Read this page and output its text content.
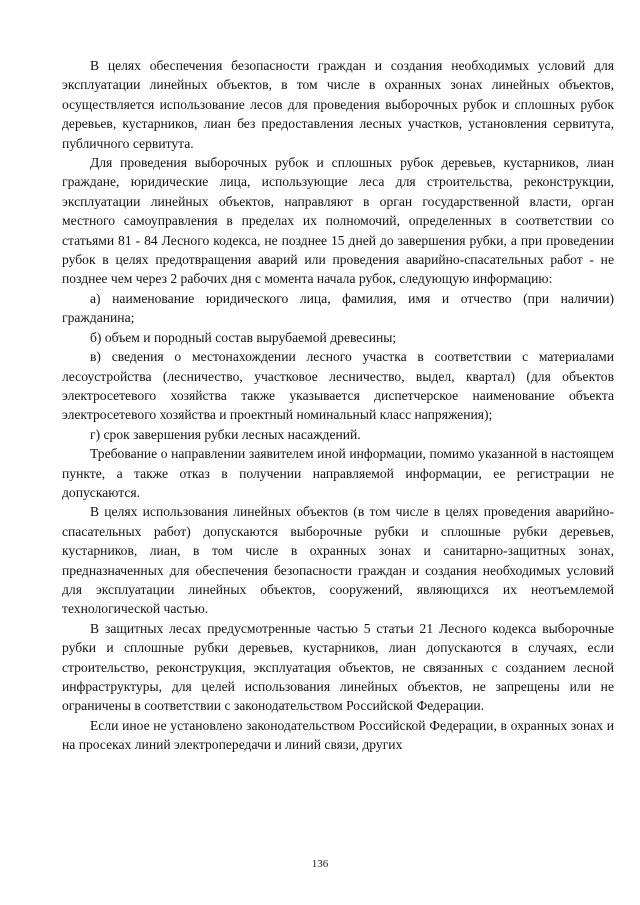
В целях обеспечения безопасности граждан и создания необходимых условий для эксплуатации линейных объектов, в том числе в охранных зонах линейных объектов, осуществляется использование лесов для проведения выборочных рубок и сплошных рубок деревьев, кустарников, лиан без предоставления лесных участков, установления сервитута, публичного сервитута.

Для проведения выборочных рубок и сплошных рубок деревьев, кустарников, лиан граждане, юридические лица, использующие леса для строительства, реконструкции, эксплуатации линейных объектов, направляют в орган государственной власти, орган местного самоуправления в пределах их полномочий, определенных в соответствии со статьями 81 - 84 Лесного кодекса, не позднее 15 дней до завершения рубки, а при проведении рубок в целях предотвращения аварий или проведения аварийно-спасательных работ - не позднее чем через 2 рабочих дня с момента начала рубок, следующую информацию:

а) наименование юридического лица, фамилия, имя и отчество (при наличии) гражданина;

б) объем и породный состав вырубаемой древесины;

в) сведения о местонахождении лесного участка в соответствии с материалами лесоустройства (лесничество, участковое лесничество, выдел, квартал) (для объектов электросетевого хозяйства также указывается диспетчерское наименование объекта электросетевого хозяйства и проектный номинальный класс напряжения);

г) срок завершения рубки лесных насаждений.

Требование о направлении заявителем иной информации, помимо указанной в настоящем пункте, а также отказ в получении направляемой информации, ее регистрации не допускаются.

В целях использования линейных объектов (в том числе в целях проведения аварийно-спасательных работ) допускаются выборочные рубки и сплошные рубки деревьев, кустарников, лиан, в том числе в охранных зонах и санитарно-защитных зонах, предназначенных для обеспечения безопасности граждан и создания необходимых условий для эксплуатации линейных объектов, сооружений, являющихся их неотъемлемой технологической частью.

В защитных лесах предусмотренные частью 5 статьи 21 Лесного кодекса выборочные рубки и сплошные рубки деревьев, кустарников, лиан допускаются в случаях, если строительство, реконструкция, эксплуатация объектов, не связанных с созданием лесной инфраструктуры, для целей использования линейных объектов, не запрещены или не ограничены в соответствии с законодательством Российской Федерации.

Если иное не установлено законодательством Российской Федерации, в охранных зонах и на просеках линий электропередачи и линий связи, других

136
